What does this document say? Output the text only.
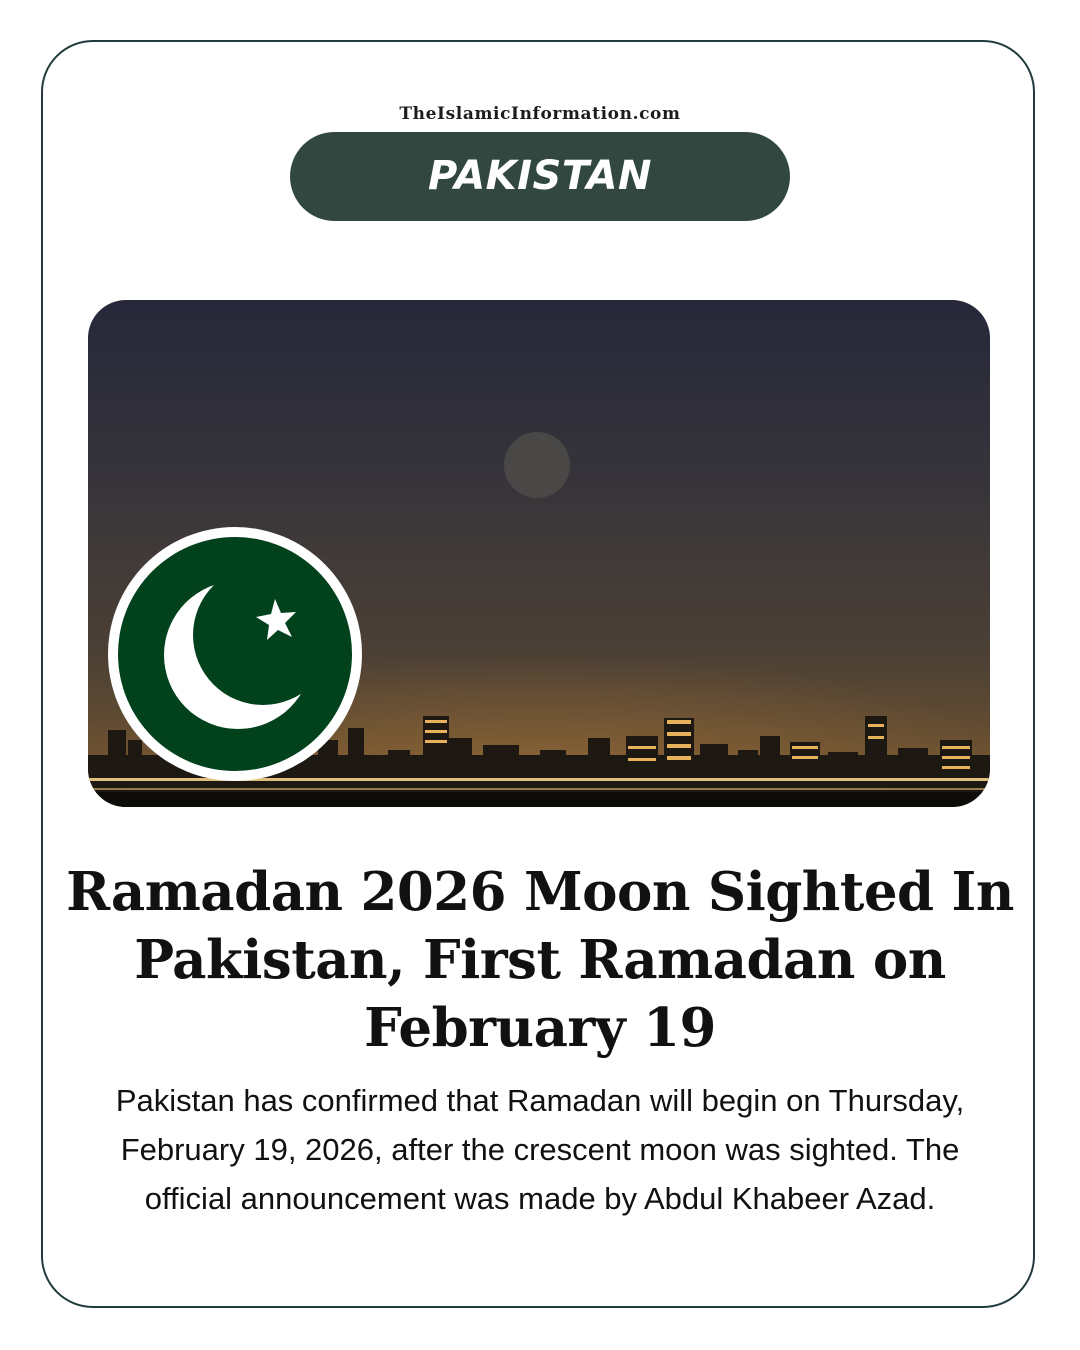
TheIslamicInformation.com
PAKISTAN
Ramadan 2026 Moon Sighted In Pakistan, First Ramadan on February 19
Pakistan has confirmed that Ramadan will begin on Thursday, February 19, 2026, after the crescent moon was sighted. The official announcement was made by Abdul Khabeer Azad.
